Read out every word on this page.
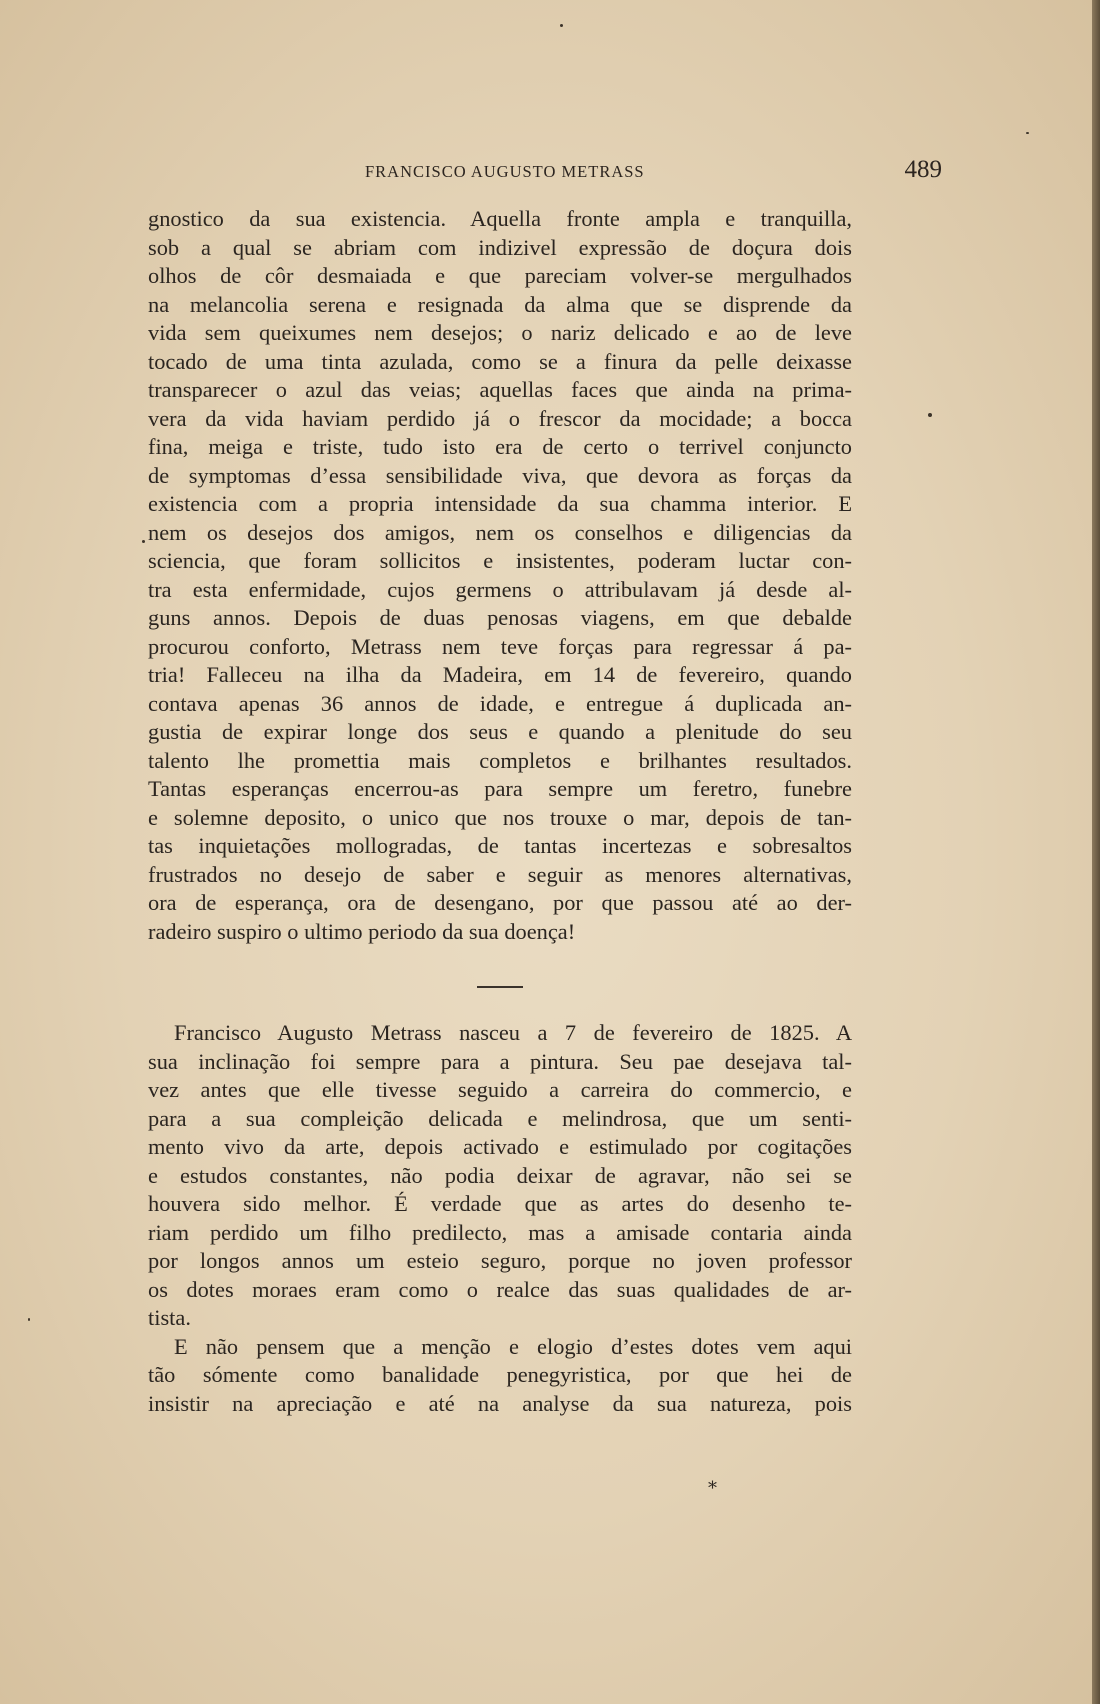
FRANCISCO AUGUSTO METRASS	489
gnostico da sua existencia. Aquella fronte ampla e tranquilla,
sob a qual se abriam com indizivel expressão de doçura dois
olhos de côr desmaiada e que pareciam volver-se mergulhados
na melancolia serena e resignada da alma que se disprende da
vida sem queixumes nem desejos; o nariz delicado e ao de leve
tocado de uma tinta azulada, como se a finura da pelle deixasse
transparecer o azul das veias; aquellas faces que ainda na prima-
vera da vida haviam perdido já o frescor da mocidade; a bocca
fina, meiga e triste, tudo isto era de certo o terrivel conjuncto
de symptomas d’essa sensibilidade viva, que devora as forças da
existencia com a propria intensidade da sua chamma interior. E
nem os desejos dos amigos, nem os conselhos e diligencias da
sciencia, que foram sollicitos e insistentes, poderam luctar con-
tra esta enfermidade, cujos germens o attribulavam já desde al-
guns annos. Depois de duas penosas viagens, em que debalde
procurou conforto, Metrass nem teve forças para regressar á pa-
tria! Falleceu na ilha da Madeira, em 14 de fevereiro, quando
contava apenas 36 annos de idade, e entregue á duplicada an-
gustia de expirar longe dos seus e quando a plenitude do seu
talento lhe promettia mais completos e brilhantes resultados.
Tantas esperanças encerrou-as para sempre um feretro, funebre
e solemne deposito, o unico que nos trouxe o mar, depois de tan-
tas inquietações mollogradas, de tantas incertezas e sobresaltos
frustrados no desejo de saber e seguir as menores alternativas,
ora de esperança, ora de desengano, por que passou até ao der-
radeiro suspiro o ultimo periodo da sua doença!
Francisco Augusto Metrass nasceu a 7 de fevereiro de 1825. A
sua inclinação foi sempre para a pintura. Seu pae desejava tal-
vez antes que elle tivesse seguido a carreira do commercio, e
para a sua compleição delicada e melindrosa, que um senti-
mento vivo da arte, depois activado e estimulado por cogitações
e estudos constantes, não podia deixar de agravar, não sei se
houvera sido melhor. É verdade que as artes do desenho te-
riam perdido um filho predilecto, mas a amisade contaria ainda
por longos annos um esteio seguro, porque no joven professor
os dotes moraes eram como o realce das suas qualidades de ar-
tista.
E não pensem que a menção e elogio d’estes dotes vem aqui
tão sómente como banalidade penegyristica, por que hei de
insistir na apreciação e até na analyse da sua natureza, pois
*
